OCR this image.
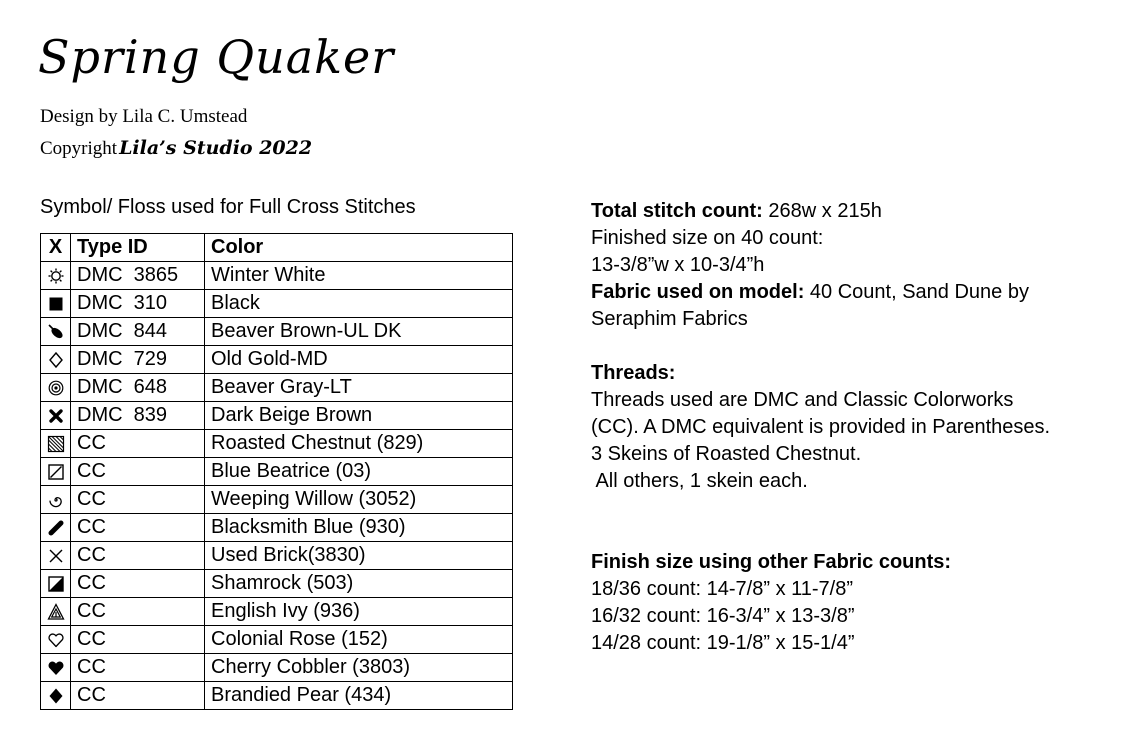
Spring Quaker
Design by Lila C. Umstead
Copyright Lila’s Studio 2022
Symbol/ Floss used for Full Cross Stitches
X	Type ID	Color

	DMC  3865	Winter White

	DMC  310	Black

	DMC  844	Beaver Brown-UL DK

	DMC  729	Old Gold-MD

	DMC  648	Beaver Gray-LT

	DMC  839	Dark Beige Brown

	CC	Roasted Chestnut (829)

	CC	Blue Beatrice (03)

	CC	Weeping Willow (3052)

	CC	Blacksmith Blue (930)

	CC	Used Brick(3830)

	CC	Shamrock (503)

	CC	English Ivy (936)

	CC	Colonial Rose (152)

	CC	Cherry Cobbler (3803)

	CC	Brandied Pear (434)

Total stitch count: 268w x 215h

Finished size on 40 count:

13-3/8”w x 10-3/4”h

Fabric used on model: 40 Count, Sand Dune by

Seraphim Fabrics

Threads:

Threads used are DMC and Classic Colorworks

(CC). A DMC equivalent is provided in Parentheses.

3 Skeins of Roasted Chestnut.

All others, 1 skein each.

Finish size using other Fabric counts:

18/36 count: 14-7/8” x 11-7/8”

16/32 count: 16-3/4” x 13-3/8”

14/28 count: 19-1/8” x 15-1/4”
